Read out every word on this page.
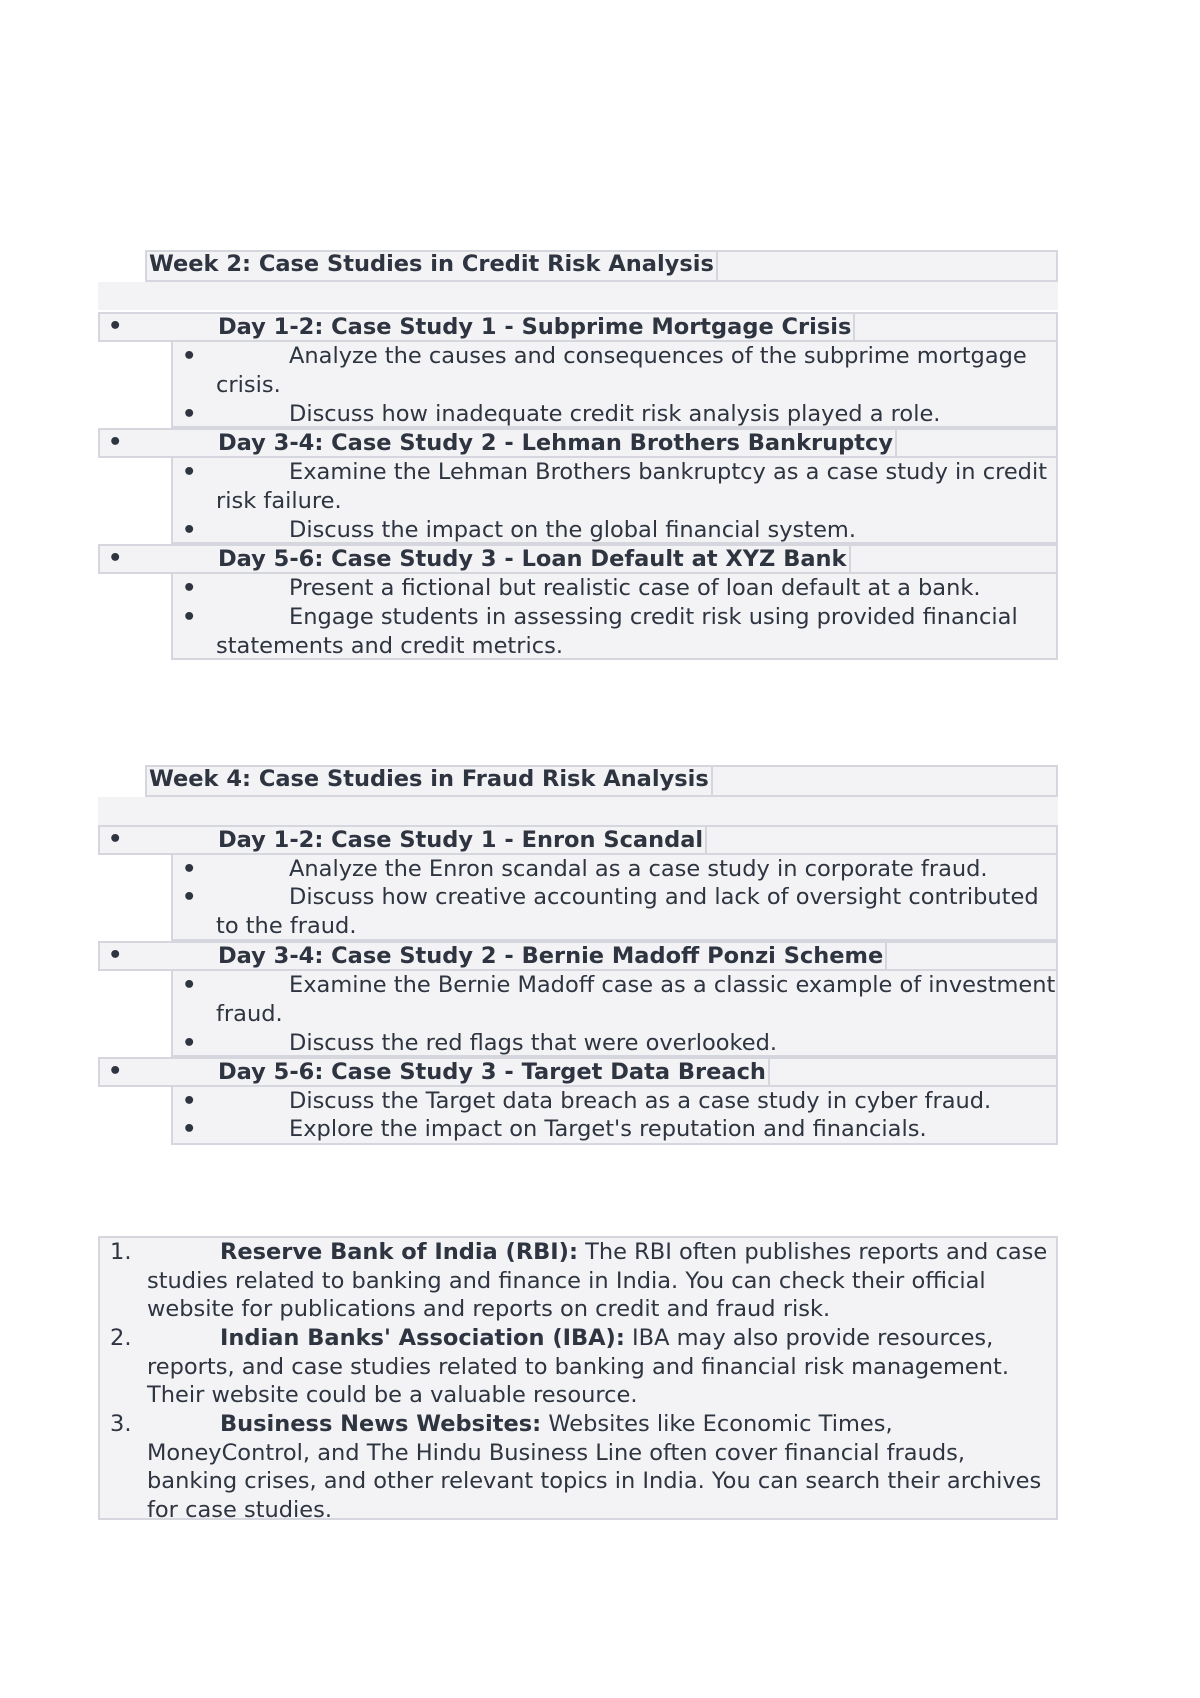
Week 2: Case Studies in Credit Risk Analysis
•	Day 1-2: Case Study 1 - Subprime Mortgage Crisis
•	Analyze the causes and consequences of the subprime mortgage crisis.
•	Discuss how inadequate credit risk analysis played a role.
•	Day 3-4: Case Study 2 - Lehman Brothers Bankruptcy
•	Examine the Lehman Brothers bankruptcy as a case study in credit risk failure.
•	Discuss the impact on the global financial system.
•	Day 5-6: Case Study 3 - Loan Default at XYZ Bank
•	Present a fictional but realistic case of loan default at a bank.
•	Engage students in assessing credit risk using provided financial statements and credit metrics.
Week 4: Case Studies in Fraud Risk Analysis
•	Day 1-2: Case Study 1 - Enron Scandal
•	Analyze the Enron scandal as a case study in corporate fraud.
•	Discuss how creative accounting and lack of oversight contributed to the fraud.
•	Day 3-4: Case Study 2 - Bernie Madoff Ponzi Scheme
•	Examine the Bernie Madoff case as a classic example of investment fraud.
•	Discuss the red flags that were overlooked.
•	Day 5-6: Case Study 3 - Target Data Breach
•	Discuss the Target data breach as a case study in cyber fraud.
•	Explore the impact on Target's reputation and financials.
1.	Reserve Bank of India (RBI): The RBI often publishes reports and case studies related to banking and finance in India. You can check their official website for publications and reports on credit and fraud risk.
2.	Indian Banks' Association (IBA): IBA may also provide resources, reports, and case studies related to banking and financial risk management. Their website could be a valuable resource.
3.	Business News Websites: Websites like Economic Times, MoneyControl, and The Hindu Business Line often cover financial frauds, banking crises, and other relevant topics in India. You can search their archives for case studies.
